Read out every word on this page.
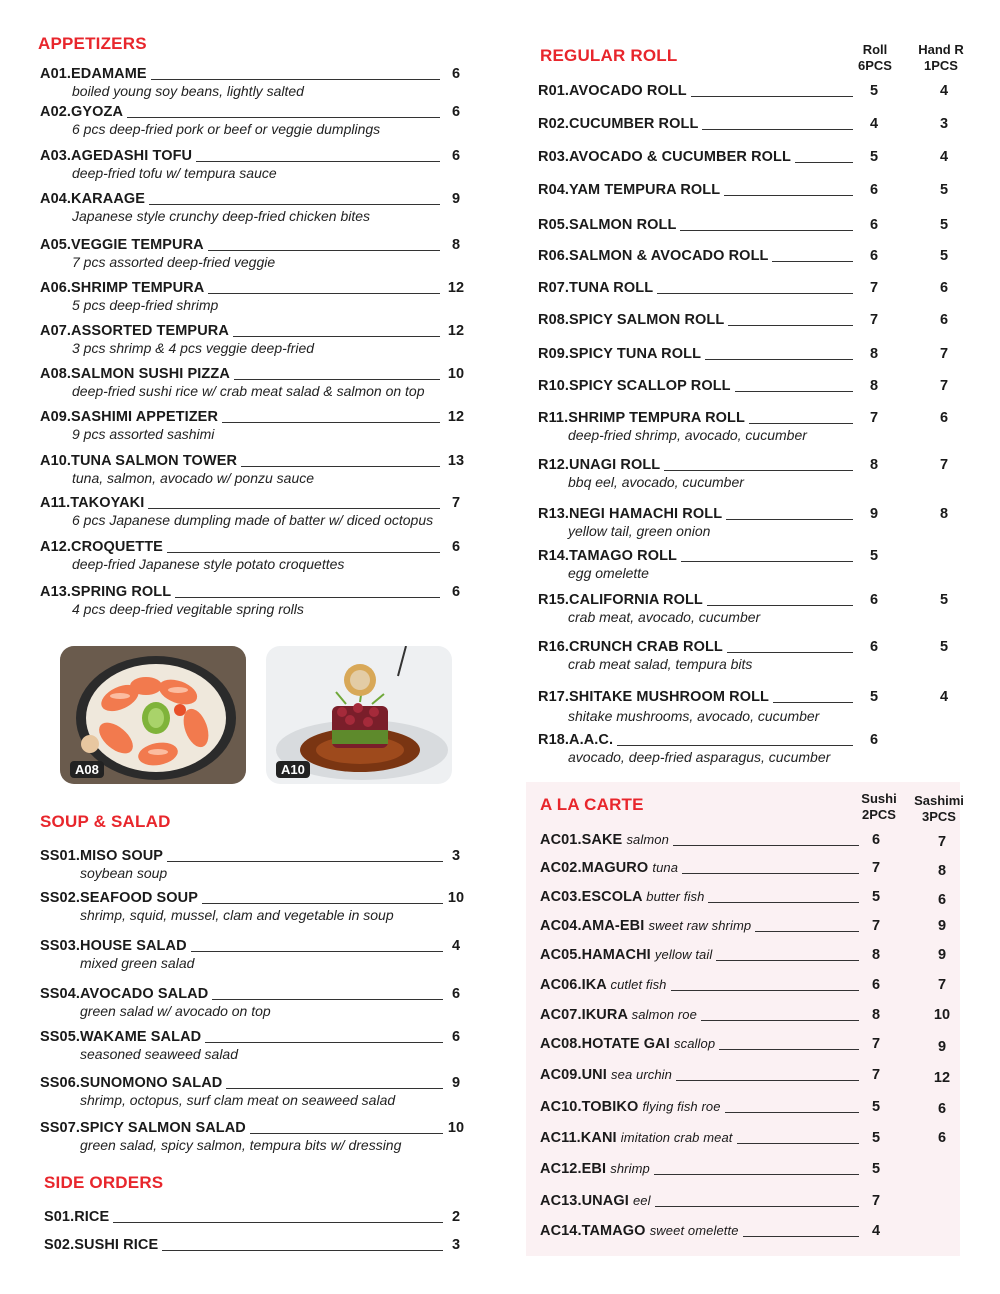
APPETIZERS
SOUP & SALAD
SIDE ORDERS
REGULAR ROLL	Roll
6PCS
Hand R
1PCS
A08	A10
A LA CARTE	Sushi
2PCS
Sashimi
3PCS
A01.EDAMAME	6
boiled young soy beans, lightly salted
A02.GYOZA	6
6 pcs deep-fried pork or beef or veggie dumplings
A03.AGEDASHI TOFU	6
deep-fried tofu w/ tempura sauce
A04.KARAAGE	9
Japanese style crunchy deep-fried chicken bites
A05.VEGGIE TEMPURA	8
7 pcs assorted deep-fried veggie
A06.SHRIMP TEMPURA	12
5 pcs deep-fried shrimp
A07.ASSORTED TEMPURA	12
3 pcs shrimp & 4 pcs veggie deep-fried
A08.SALMON SUSHI PIZZA	10
deep-fried sushi rice w/ crab meat salad & salmon on top
A09.SASHIMI APPETIZER	12
9 pcs assorted sashimi
A10.TUNA SALMON TOWER	13
tuna, salmon, avocado w/ ponzu sauce
A11.TAKOYAKI	7
6 pcs Japanese dumpling made of batter w/ diced octopus
A12.CROQUETTE	6
deep-fried Japanese style potato croquettes
A13.SPRING ROLL	6
4 pcs deep-fried vegitable spring rolls
SS01.MISO SOUP	3
soybean soup
SS02.SEAFOOD SOUP	10
shrimp, squid, mussel, clam and vegetable in soup
SS03.HOUSE SALAD	4
mixed green salad
SS04.AVOCADO SALAD	6
green salad w/ avocado on top
SS05.WAKAME SALAD	6
seasoned seaweed salad
SS06.SUNOMONO SALAD	9
shrimp, octopus, surf clam meat on seaweed salad
SS07.SPICY SALMON SALAD	10
green salad, spicy salmon, tempura bits w/ dressing
S01.RICE	2
S02.SUSHI RICE	3
R01.AVOCADO ROLL	5	4
R02.CUCUMBER ROLL	4	3
R03.AVOCADO & CUCUMBER ROLL	5	4
R04.YAM TEMPURA ROLL	6	5
R05.SALMON ROLL	6	5
R06.SALMON & AVOCADO ROLL	6	5
R07.TUNA ROLL	7	6
R08.SPICY SALMON ROLL	7	6
R09.SPICY TUNA ROLL	8	7
R10.SPICY SCALLOP ROLL	8	7
R11.SHRIMP TEMPURA ROLL	7	6
deep-fried shrimp, avocado, cucumber
R12.UNAGI ROLL	8	7
bbq eel, avocado, cucumber
R13.NEGI HAMACHI ROLL	9	8
yellow tail, green onion
R14.TAMAGO ROLL	5
egg omelette
R15.CALIFORNIA ROLL	6	5
crab meat, avocado, cucumber
R16.CRUNCH CRAB ROLL	6	5
crab meat salad, tempura bits
R17.SHITAKE MUSHROOM ROLL	5	4
shitake mushrooms, avocado, cucumber
R18.A.A.C.	6
avocado, deep-fried asparagus, cucumber
AC01.SAKE salmon	6	7
AC02.MAGURO tuna	7	8
AC03.ESCOLA butter fish	5	6
AC04.AMA-EBI sweet raw shrimp	7	9
AC05.HAMACHI yellow tail	8	9
AC06.IKA cutlet fish	6	7
AC07.IKURA salmon roe	8	10
AC08.HOTATE GAI scallop	7	9
AC09.UNI sea urchin	7	12
AC10.TOBIKO flying fish roe	5	6
AC11.KANI imitation crab meat	5	6
AC12.EBI shrimp	5
AC13.UNAGI eel	7
AC14.TAMAGO sweet omelette	4
